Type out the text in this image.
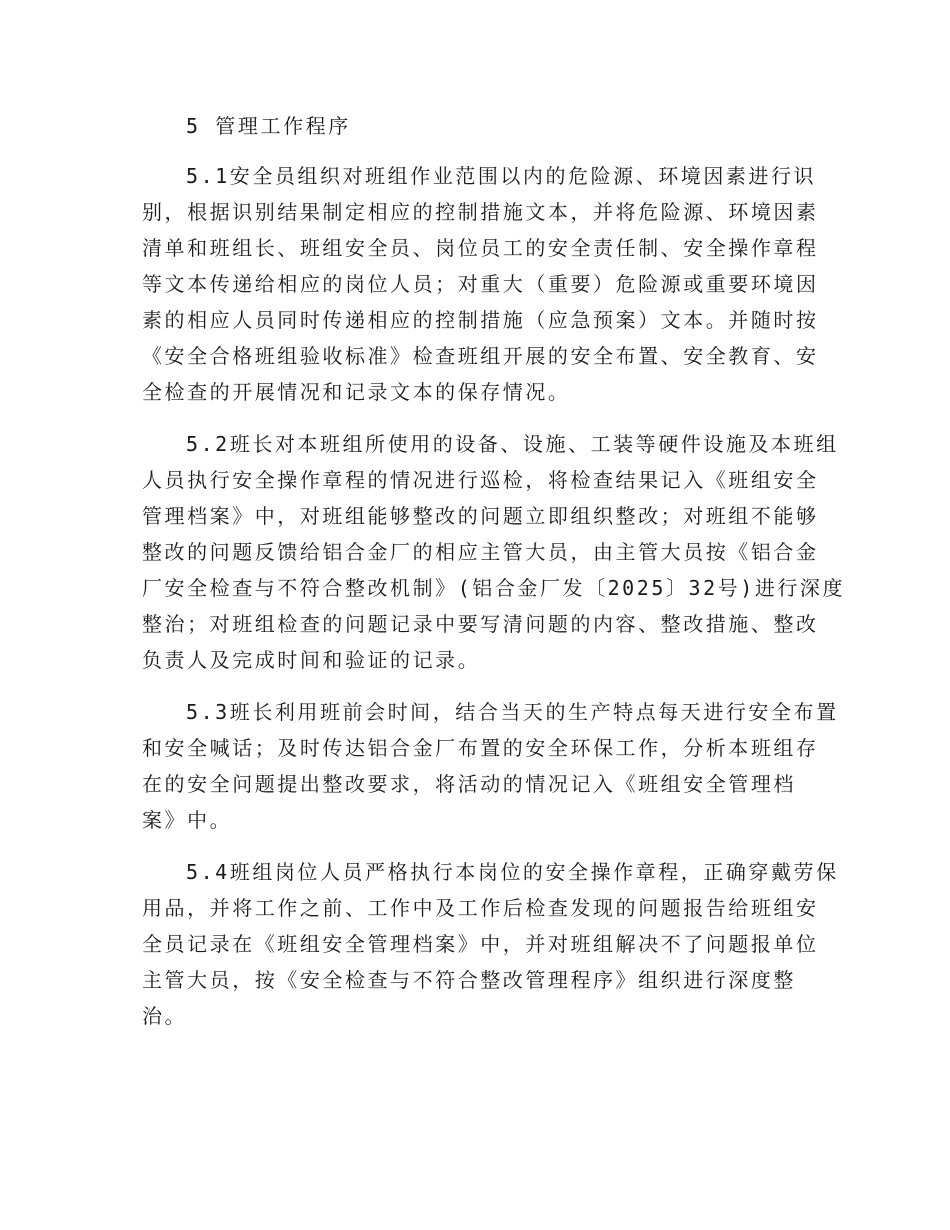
5 管理工作程序
5.1安全员组织对班组作业范围以内的危险源、环境因素进行识
别，根据识别结果制定相应的控制措施文本，并将危险源、环境因素
清单和班组长、班组安全员、岗位员工的安全责任制、安全操作章程
等文本传递给相应的岗位人员；对重大（重要）危险源或重要环境因
素的相应人员同时传递相应的控制措施（应急预案）文本。并随时按
《安全合格班组验收标准》检查班组开展的安全布置、安全教育、安
全检查的开展情况和记录文本的保存情况。
5.2班长对本班组所使用的设备、设施、工装等硬件设施及本班组
人员执行安全操作章程的情况进行巡检，将检查结果记入《班组安全
管理档案》中，对班组能够整改的问题立即组织整改；对班组不能够
整改的问题反馈给铝合金厂的相应主管大员，由主管大员按《铝合金
厂安全检查与不符合整改机制》(铝合金厂发〔2025〕32号)进行深度
整治；对班组检查的问题记录中要写清问题的内容、整改措施、整改
负责人及完成时间和验证的记录。
5.3班长利用班前会时间，结合当天的生产特点每天进行安全布置
和安全喊话；及时传达铝合金厂布置的安全环保工作，分析本班组存
在的安全问题提出整改要求，将活动的情况记入《班组安全管理档
案》中。
5.4班组岗位人员严格执行本岗位的安全操作章程，正确穿戴劳保
用品，并将工作之前、工作中及工作后检查发现的问题报告给班组安
全员记录在《班组安全管理档案》中，并对班组解决不了问题报单位
主管大员，按《安全检查与不符合整改管理程序》组织进行深度整
治。
